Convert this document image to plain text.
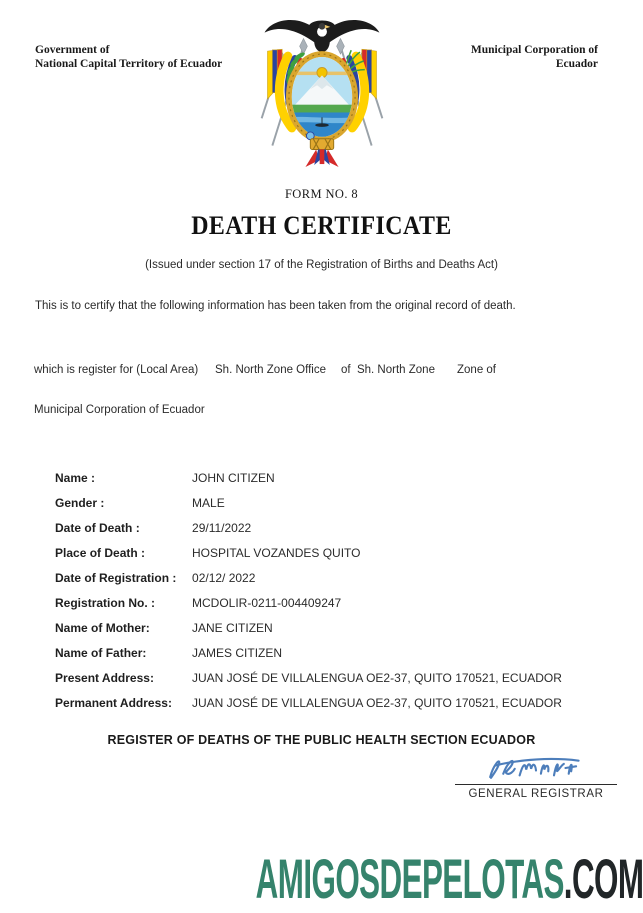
Government of
National Capital Territory of Ecuador
Municipal Corporation of
Ecuador
FORM NO. 8
DEATH CERTIFICATE
(Issued under section 17 of the Registration of Births and Deaths Act)
This is to certify that the following information has been taken from the original record of death.
which is register for (Local Area) Sh. North Zone Office of  Sh. North Zone Zone of
Municipal Corporation of Ecuador

Name :	JOHN CITIZEN

Gender :	MALE

Date of Death :	29/11/2022

Place of Death :	HOSPITAL VOZANDES QUITO

Date of Registration : 02/12/ 2022

Registration No. :	MCDOLIR-0211-004409247

Name of Mother:	JANE CITIZEN

Name of Father:	JAMES CITIZEN

Present Address:	JUAN JOSÉ DE VILLALENGUA OE2-37, QUITO 170521, ECUADOR

Permanent Address: JUAN JOSÉ DE VILLALENGUA OE2-37, QUITO 170521, ECUADOR

REGISTER OF DEATHS OF THE PUBLIC HEALTH SECTION ECUADOR
GENERAL REGISTRAR
AMIGOSDEPELOTAS.COM
